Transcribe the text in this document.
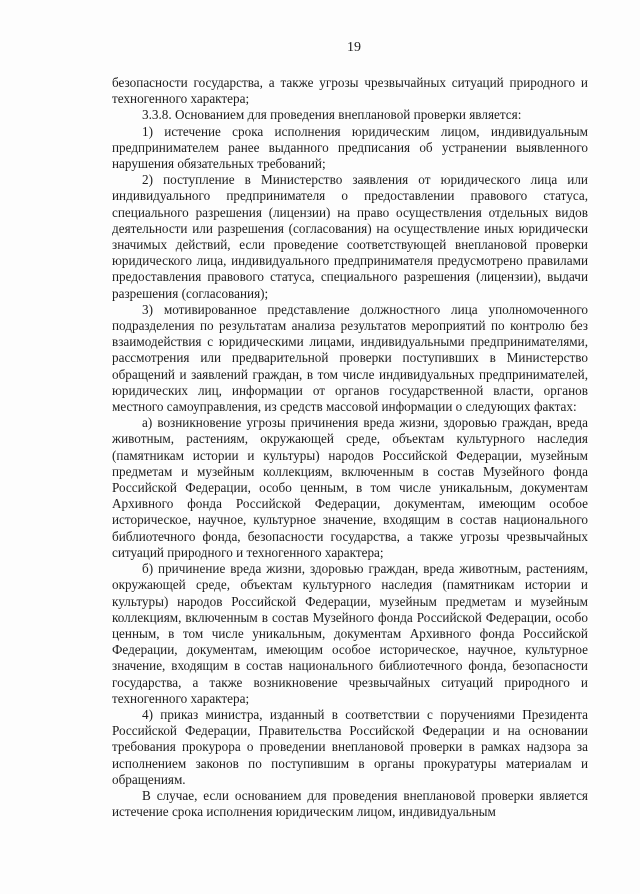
19

безопасности государства, а также угрозы чрезвычайных ситуаций природного и техногенного характера;

3.3.8. Основанием для проведения внеплановой проверки является:

1) истечение срока исполнения юридическим лицом, индивидуальным предпринимателем ранее выданного предписания об устранении выявленного нарушения обязательных требований;

2) поступление в Министерство заявления от юридического лица или индивидуального предпринимателя о предоставлении правового статуса, специального разрешения (лицензии) на право осуществления отдельных видов деятельности или разрешения (согласования) на осуществление иных юридически значимых действий, если проведение соответствующей внеплановой проверки юридического лица, индивидуального предпринимателя предусмотрено правилами предоставления правового статуса, специального разрешения (лицензии), выдачи разрешения (согласования);

3) мотивированное представление должностного лица уполномоченного подразделения по результатам анализа результатов мероприятий по контролю без взаимодействия с юридическими лицами, индивидуальными предпринимателями, рассмотрения или предварительной проверки поступивших в Министерство обращений и заявлений граждан, в том числе индивидуальных предпринимателей, юридических лиц, информации от органов государственной власти, органов местного самоуправления, из средств массовой информации о следующих фактах:

а) возникновение угрозы причинения вреда жизни, здоровью граждан, вреда животным, растениям, окружающей среде, объектам культурного наследия (памятникам истории и культуры) народов Российской Федерации, музейным предметам и музейным коллекциям, включенным в состав Музейного фонда Российской Федерации, особо ценным, в том числе уникальным, документам Архивного фонда Российской Федерации, документам, имеющим особое историческое, научное, культурное значение, входящим в состав национального библиотечного фонда, безопасности государства, а также угрозы чрезвычайных ситуаций природного и техногенного характера;

б) причинение вреда жизни, здоровью граждан, вреда животным, растениям, окружающей среде, объектам культурного наследия (памятникам истории и культуры) народов Российской Федерации, музейным предметам и музейным коллекциям, включенным в состав Музейного фонда Российской Федерации, особо ценным, в том числе уникальным, документам Архивного фонда Российской Федерации, документам, имеющим особое историческое, научное, культурное значение, входящим в состав национального библиотечного фонда, безопасности государства, а также возникновение чрезвычайных ситуаций природного и техногенного характера;

4) приказ министра, изданный в соответствии с поручениями Президента Российской Федерации, Правительства Российской Федерации и на основании требования прокурора о проведении внеплановой проверки в рамках надзора за исполнением законов по поступившим в органы прокуратуры материалам и обращениям.

В случае, если основанием для проведения внеплановой проверки является истечение срока исполнения юридическим лицом, индивидуальным
